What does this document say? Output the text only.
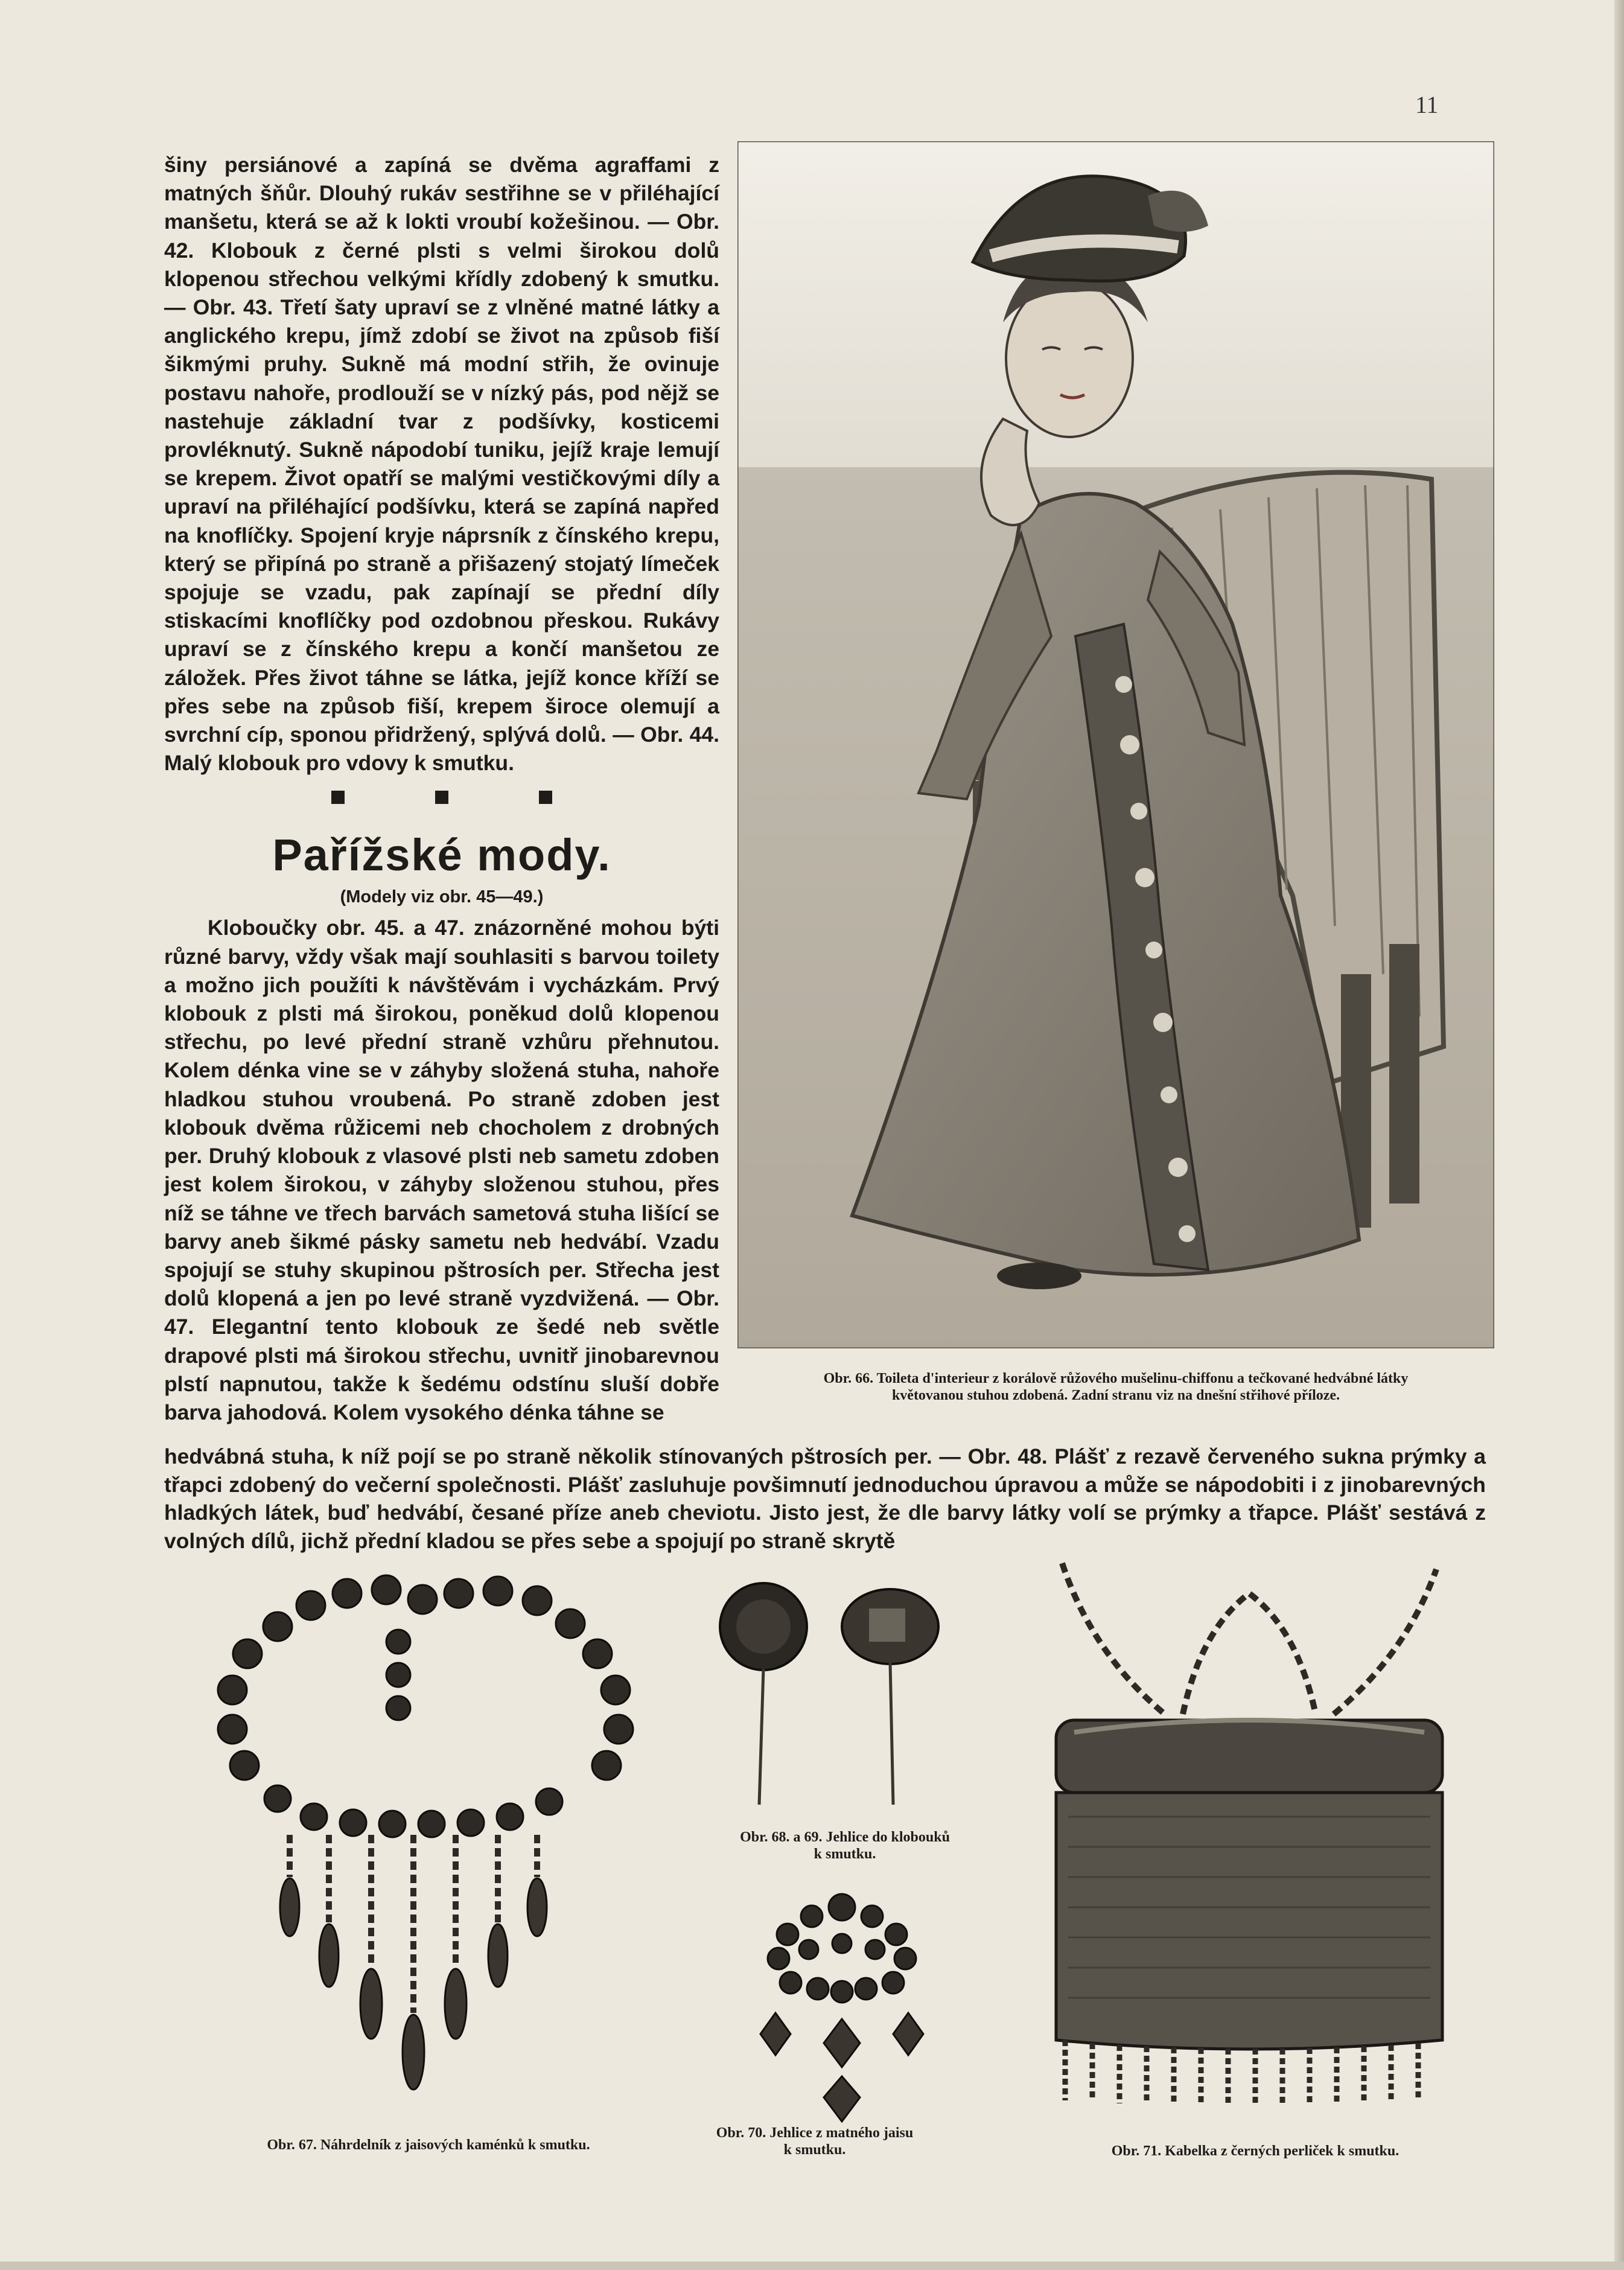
11

šiny persiánové a zapíná se dvěma agraffami z matných šňůr. Dlouhý rukáv sestřihne se v přiléhající manšetu, která se až k lokti vroubí kožešinou. — Obr. 42. Klobouk z černé plsti s velmi širokou dolů klopenou střechou velkými křídly zdobený k smutku. — Obr. 43. Třetí šaty upraví se z vlněné matné látky a anglického krepu, jímž zdobí se život na způsob fiší šikmými pruhy. Sukně má modní střih, že ovinuje postavu nahoře, prodlouží se v nízký pás, pod nějž se nastehuje základní tvar z podšívky, kosticemi provléknutý. Sukně nápodobí tuniku, jejíž kraje lemují se krepem. Život opatří se malými vestičkovými díly a upraví na přiléhající podšívku, která se zapíná napřed na knoflíčky. Spojení kryje náprsník z čínského krepu, který se připíná po straně a přišazený stojatý límeček spojuje se vzadu, pak zapínají se přední díly stiskacími knoflíčky pod ozdobnou přeskou. Rukávy upraví se z čínského krepu a končí manšetou ze záložek. Přes život táhne se látka, jejíž konce kříží se přes sebe na způsob fiší, krepem široce olemují a svrchní cíp, sponou přidržený, splývá dolů. — Obr. 44. Malý klobouk pro vdovy k smutku.

Pařížské mody.
(Modely viz obr. 45—49.)

Kloboučky obr. 45. a 47. znázorněné mohou býti různé barvy, vždy však mají souhlasiti s barvou toilety a možno jich použíti k návštěvám i vycházkám. Prvý klobouk z plsti má širokou, poněkud dolů klopenou střechu, po levé přední straně vzhůru přehnutou. Kolem dénka vine se v záhyby složená stuha, nahoře hladkou stuhou vroubená. Po straně zdoben jest klobouk dvěma růžicemi neb chocholem z drobných per. Druhý klobouk z vlasové plsti neb sametu zdoben jest kolem širokou, v záhyby složenou stuhou, přes níž se táhne ve třech barvách sametová stuha lišící se barvy aneb šikmé pásky sametu neb hedvábí. Vzadu spojují se stuhy skupinou pštrosích per. Střecha jest dolů klopená a jen po levé straně vyzdvižená. — Obr. 47. Elegantní tento klobouk ze šedé neb světle drapové plsti má širokou střechu, uvnitř jinobarevnou plstí napnutou, takže k šedému odstínu sluší dobře barva jahodová. Kolem vysokého dénka táhne se

Obr. 66. Toileta d'interieur z korálově růžového mušelinu-chiffonu a tečkované hedvábné látky
květovanou stuhou zdobená. Zadní stranu viz na dnešní střihové příloze.

hedvábná stuha, k níž pojí se po straně několik stínovaných pštrosích per. — Obr. 48. Plášť z rezavě červeného sukna prýmky a třapci zdobený do večerní společnosti. Plášť zasluhuje povšimnutí jednoduchou úpravou a může se nápodobiti i z jinobarevných hladkých látek, buď hedvábí, česané příze aneb cheviotu. Jisto jest, že dle barvy látky volí se prýmky a třapce. Plášť sestává z volných dílů, jichž přední kladou se přes sebe a spojují po straně skrytě

Obr. 67. Náhrdelník z jaisových kaménků k smutku.
Obr. 68. a 69. Jehlice do klobouků
k smutku.
Obr. 70. Jehlice z matného jaisu
k smutku.	Obr. 71. Kabelka z černých perliček k smutku.
